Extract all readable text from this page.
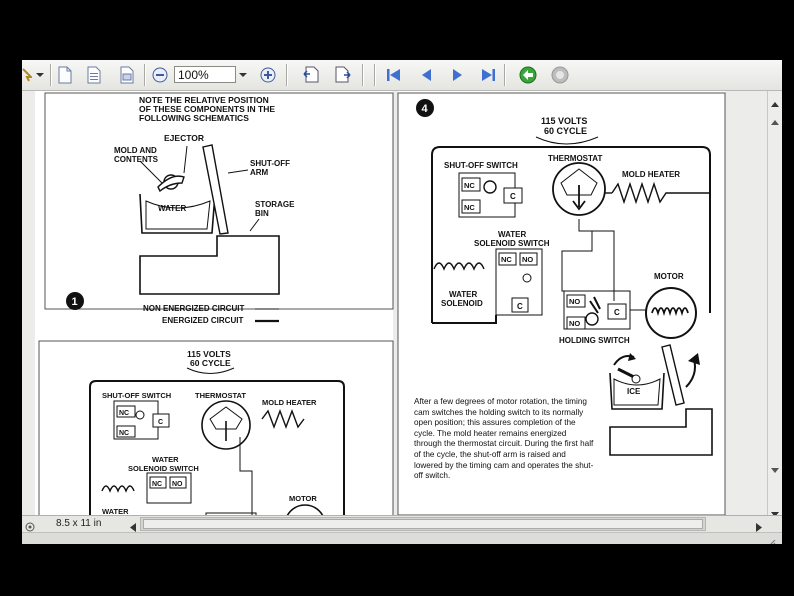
100%
NOTE THE RELATIVE POSITION
OF THESE COMPONENTS IN THE
FOLLOWING SCHEMATICS
EJECTOR
MOLD AND
CONTENTS	SHUT-OFF
ARM
WATER	STORAGE
BIN
1
NON ENERGIZED CIRCUIT
ENERGIZED CIRCUIT
115 VOLTS
60 CYCLE
SHUT-OFF SWITCH
NC
NC
C
THERMOSTAT
MOLD HEATER
WATER
SOLENOID SWITCH
NC NO
WATER
MOTOR
4
115 VOLTS
60 CYCLE
SHUT-OFF SWITCH
NC
NC
C
THERMOSTAT
MOLD HEATER
WATER
SOLENOID SWITCH
NC NO
C
WATER
SOLENOID	NO
NO
C
HOLDING SWITCH
MOTOR
ICE
After a few degrees of motor rotation, the timing cam switches the holding switch to its normally open position; this assures completion of the cycle. The mold heater remains energized through the thermostat circuit. During the first half of the cycle, the shut-off arm is raised and lowered by the timing cam and operates the shut-off switch.
8.5 x 11 in
